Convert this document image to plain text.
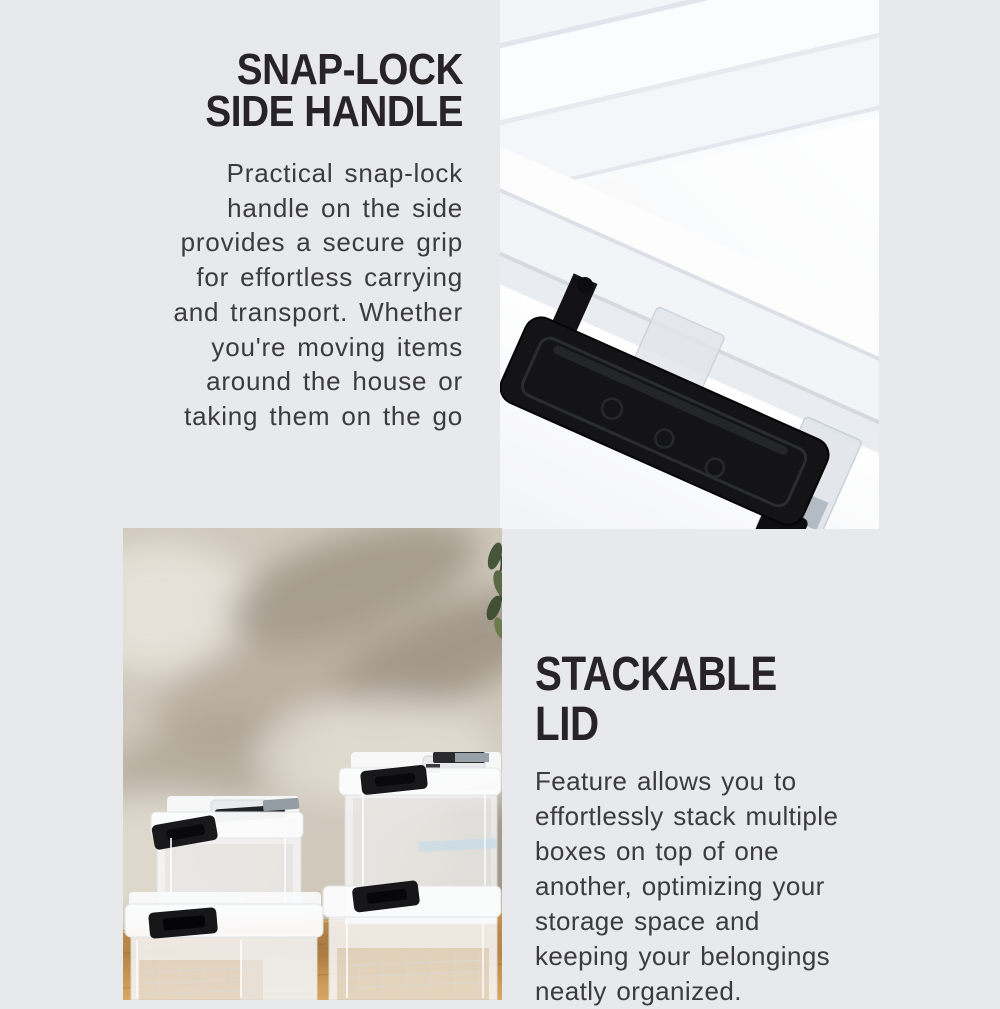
SNAP-LOCK
SIDE HANDLE

Practical snap-lock
handle on the side
provides a secure grip
for effortless carrying
and transport. Whether
you're moving items
around the house or
taking them on the go

STACKABLE LID

Feature allows you to
effortlessly stack multiple
boxes on top of one
another, optimizing your
storage space and
keeping your belongings
neatly organized.
